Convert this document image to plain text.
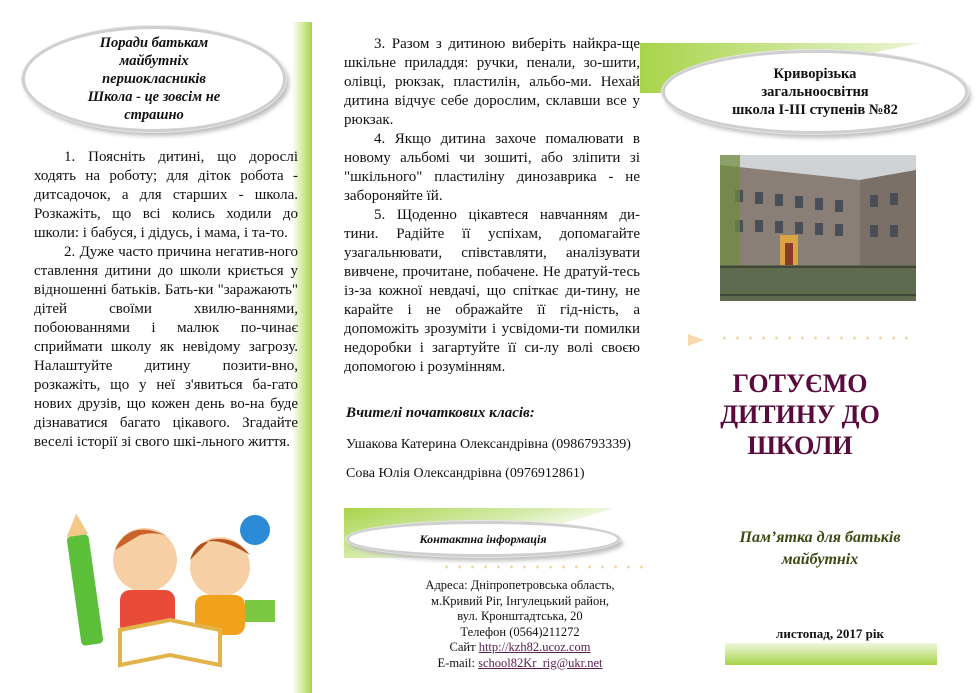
Поради батькам
майбутніх
першокласників
Школа - це зовсім не
страшно

1. Поясніть дитині, що дорослі ходять на роботу; для діток робота - дитсадочок, а для старших - школа. Розкажіть, що всі колись ходили до школи: і бабуся, і дідусь, і мама, і та-то.

2. Дуже часто причина негатив-ного ставлення дитини до школи криється у відношенні батьків. Бать-ки "заражають" дітей своїми хвилю-ваннями, побоюваннями і малюк по-чинає сприймати школу як невідому загрозу. Налаштуйте дитину позити-вно, розкажіть, що у неї з'явиться ба-гато нових друзів, що кожен день во-на буде дізнаватися багато цікавого. Згадайте веселі історії зі свого шкі-льного життя.

3. Разом з дитиною виберіть найкра-ще шкільне приладдя: ручки, пенали, зо-шити, олівці, рюкзак, пластилін, альбо-ми. Нехай дитина відчує себе дорослим, склавши все у рюкзак.

4. Якщо дитина захоче помалювати в новому альбомі чи зошиті, або зліпити зі "шкільного" пластиліну динозаврика - не забороняйте їй.

5. Щоденно цікавтеся навчанням ди-тини. Радійте її успіхам, допомагайте узагальнювати, співставляти, аналізувати вивчене, прочитане, побачене. Не дратуй-тесь із-за кожної невдачі, що спіткає ди-тину, не карайте і не ображайте її гід-ність, а допоможіть зрозуміти і усвідоми-ти помилки недоробки і загартуйте її си-лу волі своєю допомогою і розумінням.

Вчителі початкових класів:
Ушакова Катерина Олександрівна (0986793339)
Сова Юлія Олександрівна (0976912861)
Контактна інформація
Адреса: Дніпропетровська область,
м.Кривий Ріг, Інгулецький район,
вул. Кронштадтська, 20
Телефон (0564)211272
Сайт http://kzh82.ucoz.com
E-mail: school82Kr_rig@ukr.net
Криворізька
загальноосвітня
школа I-III ступенів №82
ГОТУЄМО
ДИТИНУ ДО
ШКОЛИ
Пам’ятка для батьків
майбутніх
листопад, 2017 рік
